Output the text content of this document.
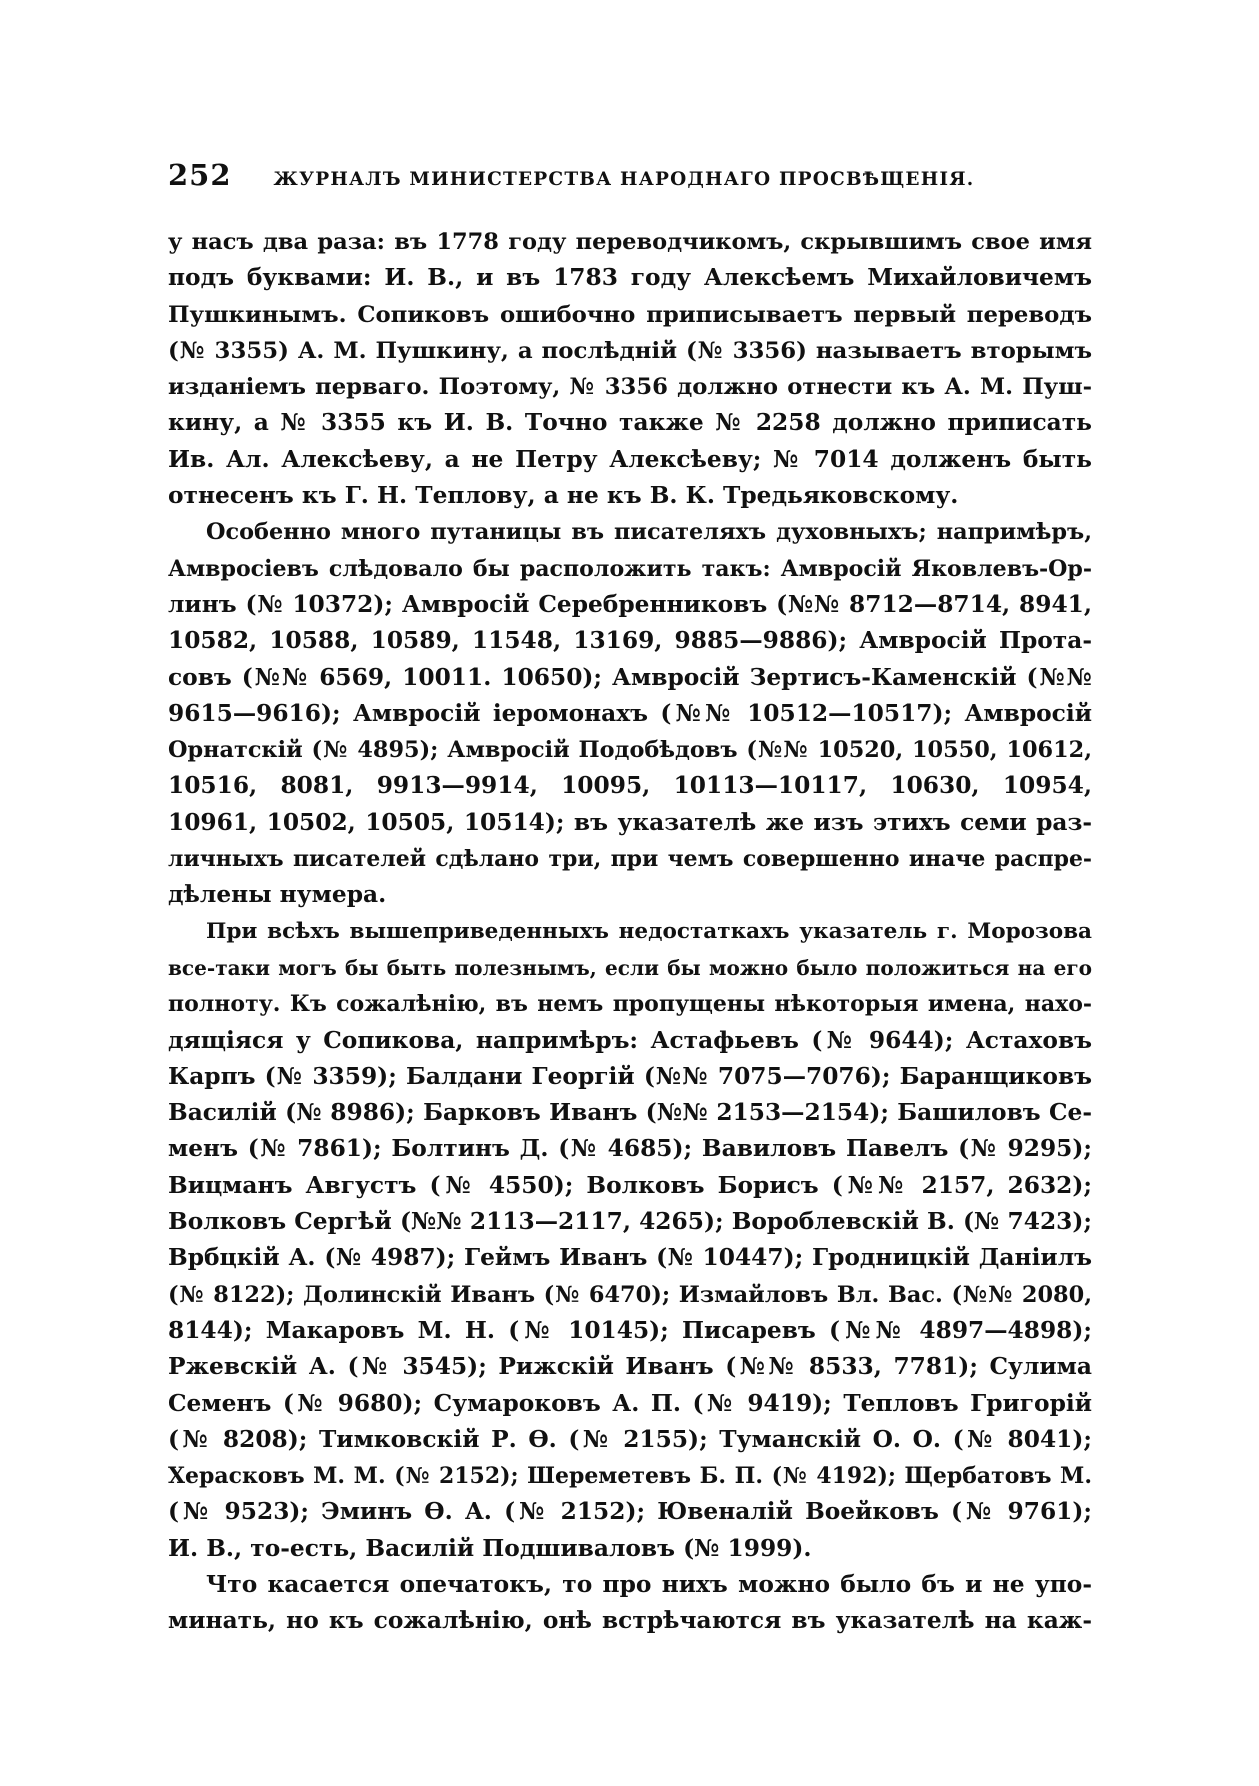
252 ЖУРНАЛЪ МИНИСТЕРСТВА НАРОДНАГО ПРОСВѢЩЕНІЯ.
у насъ два раза: въ 1778 году переводчикомъ, скрывшимъ свое имя
подъ буквами: И. В., и въ 1783 году Алексѣемъ Михайловичемъ
Пушкинымъ. Сопиковъ ошибочно приписываетъ первый переводъ
(№ 3355) А. М. Пушкину, а послѣдній (№ 3356) называетъ вторымъ
изданіемъ перваго. Поэтому, № 3356 должно отнести къ А. М. Пуш-
кину, а № 3355 къ И. В. Точно также № 2258 должно приписать
Ив. Ал. Алексѣеву, а не Петру Алексѣеву; № 7014 долженъ быть
отнесенъ къ Г. Н. Теплову, а не къ В. К. Тредьяковскому.
Особенно много путаницы въ писателяхъ духовныхъ; напримѣръ,
Амвросіевъ слѣдовало бы расположить такъ: Амвросій Яковлевъ-Ор-
линъ (№ 10372); Амвросій Серебренниковъ (№№ 8712—8714, 8941,
10582, 10588, 10589, 11548, 13169, 9885—9886); Амвросій Прота-
совъ (№№ 6569, 10011. 10650); Амвросій Зертисъ-Каменскій (№№
9615—9616); Амвросій іеромонахъ (№№ 10512—10517); Амвросій
Орнатскій (№ 4895); Амвросій Подобѣдовъ (№№ 10520, 10550, 10612,
10516, 8081, 9913—9914, 10095, 10113—10117, 10630, 10954,
10961, 10502, 10505, 10514); въ указателѣ же изъ этихъ семи раз-
личныхъ писателей сдѣлано три, при чемъ совершенно иначе распре-
дѣлены нумера.
При всѣхъ вышеприведенныхъ недостаткахъ указатель г. Морозова
все-таки могъ бы быть полезнымъ, если бы можно было положиться на его
полноту. Къ сожалѣнію, въ немъ пропущены нѣкоторыя имена, нахо-
дящіяся у Сопикова, напримѣръ: Астафьевъ (№ 9644); Астаховъ
Карпъ (№ 3359); Балдани Георгій (№№ 7075—7076); Баранщиковъ
Василій (№ 8986); Барковъ Иванъ (№№ 2153—2154); Башиловъ Се-
менъ (№ 7861); Болтинъ Д. (№ 4685); Вавиловъ Павелъ (№ 9295);
Вицманъ Августъ (№ 4550); Волковъ Борисъ (№№ 2157, 2632);
Волковъ Сергѣй (№№ 2113—2117, 4265); Вороблевскій В. (№ 7423);
Врбцкій А. (№ 4987); Геймъ Иванъ (№ 10447); Гродницкій Даніилъ
(№ 8122); Долинскій Иванъ (№ 6470); Измайловъ Вл. Вас. (№№ 2080,
8144); Макаровъ М. Н. (№ 10145); Писаревъ (№№ 4897—4898);
Ржевскій А. (№ 3545); Рижскій Иванъ (№№ 8533, 7781); Сулима
Семенъ (№ 9680); Сумароковъ А. П. (№ 9419); Тепловъ Григорій
(№ 8208); Тимковскій Р. Ѳ. (№ 2155); Туманскій О. О. (№ 8041);
Херасковъ М. М. (№ 2152); Шереметевъ Б. П. (№ 4192); Щербатовъ М.
(№ 9523); Эминъ Ѳ. А. (№ 2152); Ювеналій Воейковъ (№ 9761);
И. В., то-есть, Василій Подшиваловъ (№ 1999).
Что касается опечатокъ, то про нихъ можно было бъ и не упо-
минать, но къ сожалѣнію, онѣ встрѣчаются въ указателѣ на каж-
